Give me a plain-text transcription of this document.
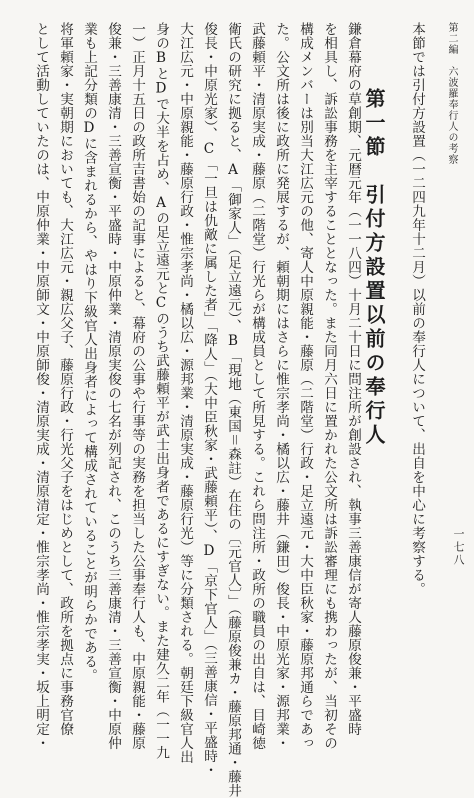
第二編　六波羅奉行人の考察
第一節　引付方設置以前の奉行人
一七八
本節では引付方設置（一二四九年十二月）以前の奉行人について、出自を中心に考察する。
鎌倉幕府の草創期、元暦元年（一一八四）十月二十日に問注所が創設され、執事三善康信が寄人藤原俊兼・平盛時
を相具し、訴訟事務を主宰することとなった。また同月六日に置かれた公文所は訴訟審理にも携わったが、当初その
構成メンバーは別当大江広元の他、寄人中原親能・藤原（二階堂）行政・足立遠元・大中臣秋家・藤原邦通らであっ
た。公文所は後に政所に発展するが、頼朝期にはさらに惟宗孝尚・橘以広・藤井（鎌田）俊長・中原光家・源邦業・
武藤頼平・清原実成・藤原（二階堂）行光らが構成員として所見する。これら問注所・政所の職員の出自は、目崎徳
衛氏の研究に拠ると、A「御家人」（足立遠元）、B「現地（東国＝森註）在住の〔元官人〕」（藤原俊兼カ・藤原邦通・藤井
俊長・中原光家）、C「一旦は仇敵に属した者」「降人」（大中臣秋家・武藤頼平）、D「京下官人」（三善康信・平盛時・
大江広元・中原親能・藤原行政・惟宗孝尚・橘以広・源邦業・清原実成・藤原行光）等に分類される。朝廷下級官人出
身のBとDで大半を占め、Aの足立遠元とCのうち武藤頼平が武士出身者であるにすぎない。また建久二年（一一九
一）正月十五日の政所吉書始の記事によると、幕府の公事や行事等の実務を担当した公事奉行人も、中原親能・藤原
俊兼・三善康清・三善宣衡・平盛時・中原仲業・清原実俊の七名が列記され、このうち三善康清・三善宣衡・中原仲
業も上記分類のDに含まれるから、やはり下級官人出身者によって構成されていることが明らかである。
将軍頼家・実朝期においても、大江広元・親広父子、藤原行政・行光父子をはじめとして、政所を拠点に事務官僚
として活動していたのは、中原仲業・中原師文・中原師俊・清原実成・清原清定・惟宗孝尚・惟宗孝実・坂上明定・
